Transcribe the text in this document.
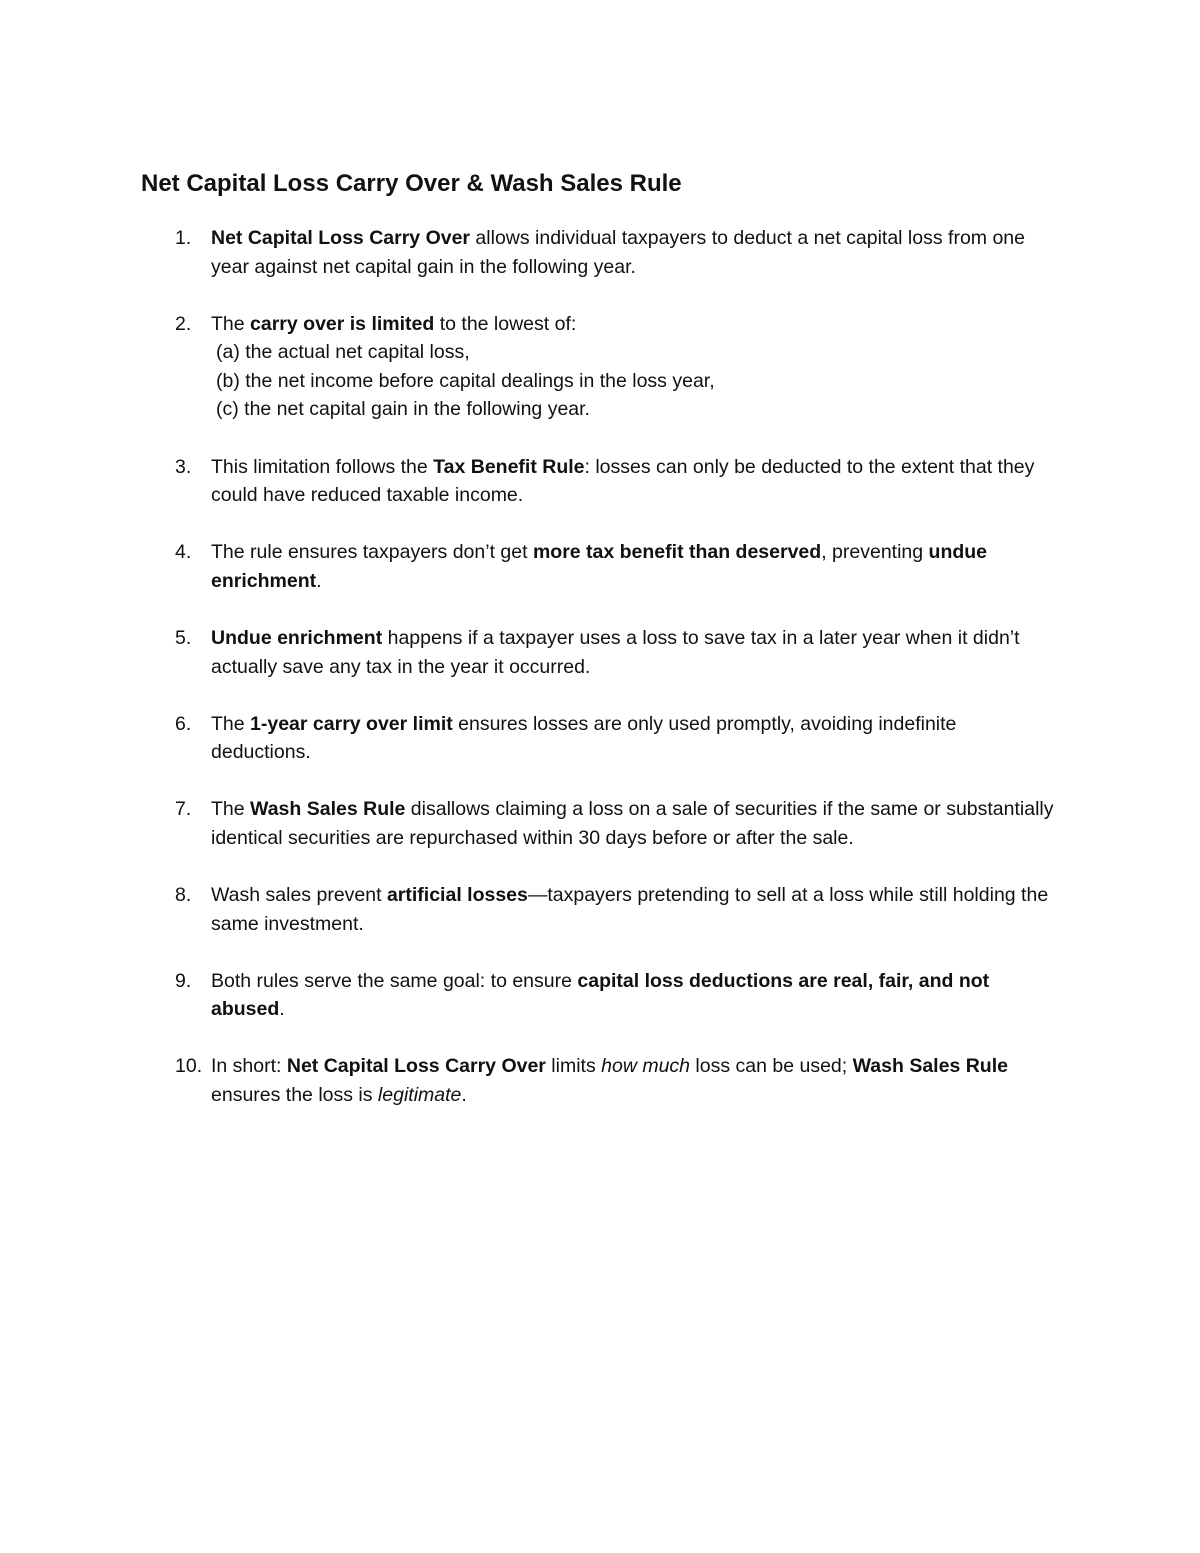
Net Capital Loss Carry Over & Wash Sales Rule
1. Net Capital Loss Carry Over allows individual taxpayers to deduct a net capital loss from one year against net capital gain in the following year.
2. The carry over is limited to the lowest of:
(a) the actual net capital loss,
(b) the net income before capital dealings in the loss year,
(c) the net capital gain in the following year.
3. This limitation follows the Tax Benefit Rule: losses can only be deducted to the extent that they could have reduced taxable income.
4. The rule ensures taxpayers don’t get more tax benefit than deserved, preventing undue enrichment.
5. Undue enrichment happens if a taxpayer uses a loss to save tax in a later year when it didn’t actually save any tax in the year it occurred.
6. The 1-year carry over limit ensures losses are only used promptly, avoiding indefinite deductions.
7. The Wash Sales Rule disallows claiming a loss on a sale of securities if the same or substantially identical securities are repurchased within 30 days before or after the sale.
8. Wash sales prevent artificial losses—taxpayers pretending to sell at a loss while still holding the same investment.
9. Both rules serve the same goal: to ensure capital loss deductions are real, fair, and not abused.
10. In short: Net Capital Loss Carry Over limits how much loss can be used; Wash Sales Rule ensures the loss is legitimate.
